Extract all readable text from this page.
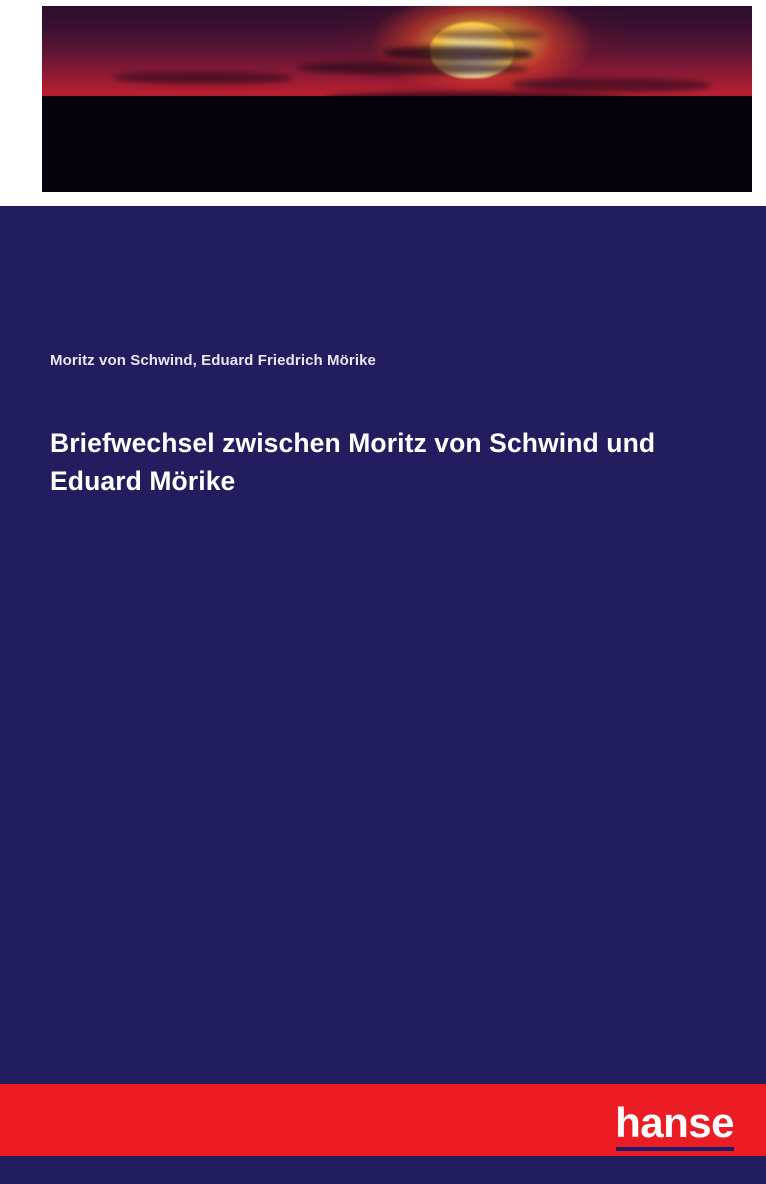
Moritz von Schwind, Eduard Friedrich Mörike
Briefwechsel zwischen Moritz von Schwind und Eduard Mörike
hanse
